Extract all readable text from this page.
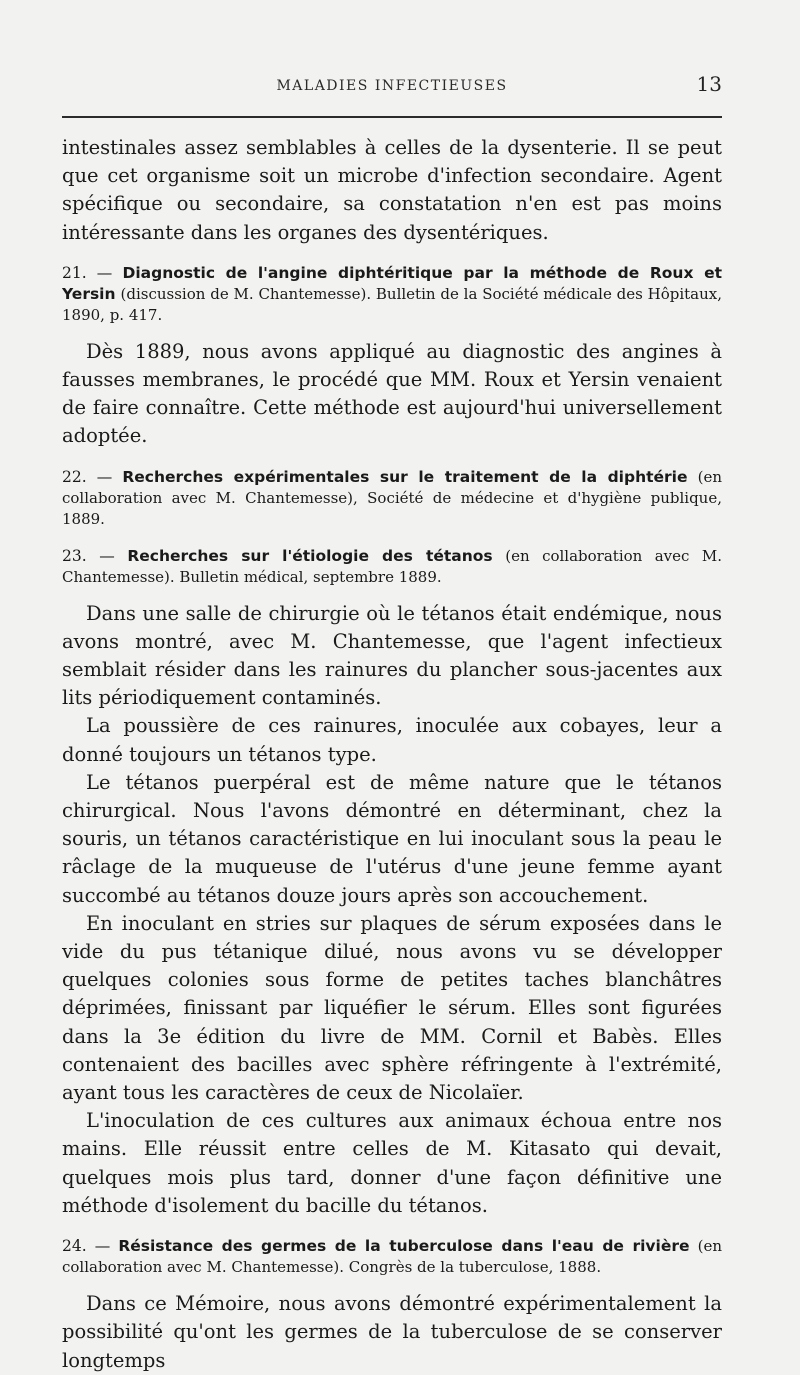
MALADIES INFECTIEUSES	13

intestinales assez semblables à celles de la dysenterie. Il se peut que cet organisme soit un microbe d'infection secondaire. Agent spécifique ou secondaire, sa constatation n'en est pas moins intéressante dans les organes des dysentériques.

21. — Diagnostic de l'angine diphtéritique par la méthode de Roux et Yersin (discussion de M. Chantemesse). Bulletin de la Société médicale des Hôpitaux, 1890, p. 417.

Dès 1889, nous avons appliqué au diagnostic des angines à fausses membranes, le procédé que MM. Roux et Yersin venaient de faire connaître. Cette méthode est aujourd'hui universellement adoptée.

22. — Recherches expérimentales sur le traitement de la diphtérie (en collaboration avec M. Chantemesse), Société de médecine et d'hygiène publique, 1889.
23. — Recherches sur l'étiologie des tétanos (en collaboration avec M. Chantemesse). Bulletin médical, septembre 1889.

Dans une salle de chirurgie où le tétanos était endémique, nous avons montré, avec M. Chantemesse, que l'agent infectieux semblait résider dans les rainures du plancher sous-jacentes aux lits périodiquement contaminés.

La poussière de ces rainures, inoculée aux cobayes, leur a donné toujours un tétanos type.

Le tétanos puerpéral est de même nature que le tétanos chirurgical. Nous l'avons démontré en déterminant, chez la souris, un tétanos caractéristique en lui inoculant sous la peau le râclage de la muqueuse de l'utérus d'une jeune femme ayant succombé au tétanos douze jours après son accouchement.

En inoculant en stries sur plaques de sérum exposées dans le vide du pus tétanique dilué, nous avons vu se développer quelques colonies sous forme de petites taches blanchâtres déprimées, finissant par liquéfier le sérum. Elles sont figurées dans la 3e édition du livre de MM. Cornil et Babès. Elles contenaient des bacilles avec sphère réfringente à l'extrémité, ayant tous les caractères de ceux de Nicolaïer.

L'inoculation de ces cultures aux animaux échoua entre nos mains. Elle réussit entre celles de M. Kitasato qui devait, quelques mois plus tard, donner d'une façon définitive une méthode d'isolement du bacille du tétanos.

24. — Résistance des germes de la tuberculose dans l'eau de rivière (en collaboration avec M. Chantemesse). Congrès de la tuberculose, 1888.

Dans ce Mémoire, nous avons démontré expérimentalement la possibilité qu'ont les germes de la tuberculose de se conserver longtemps
